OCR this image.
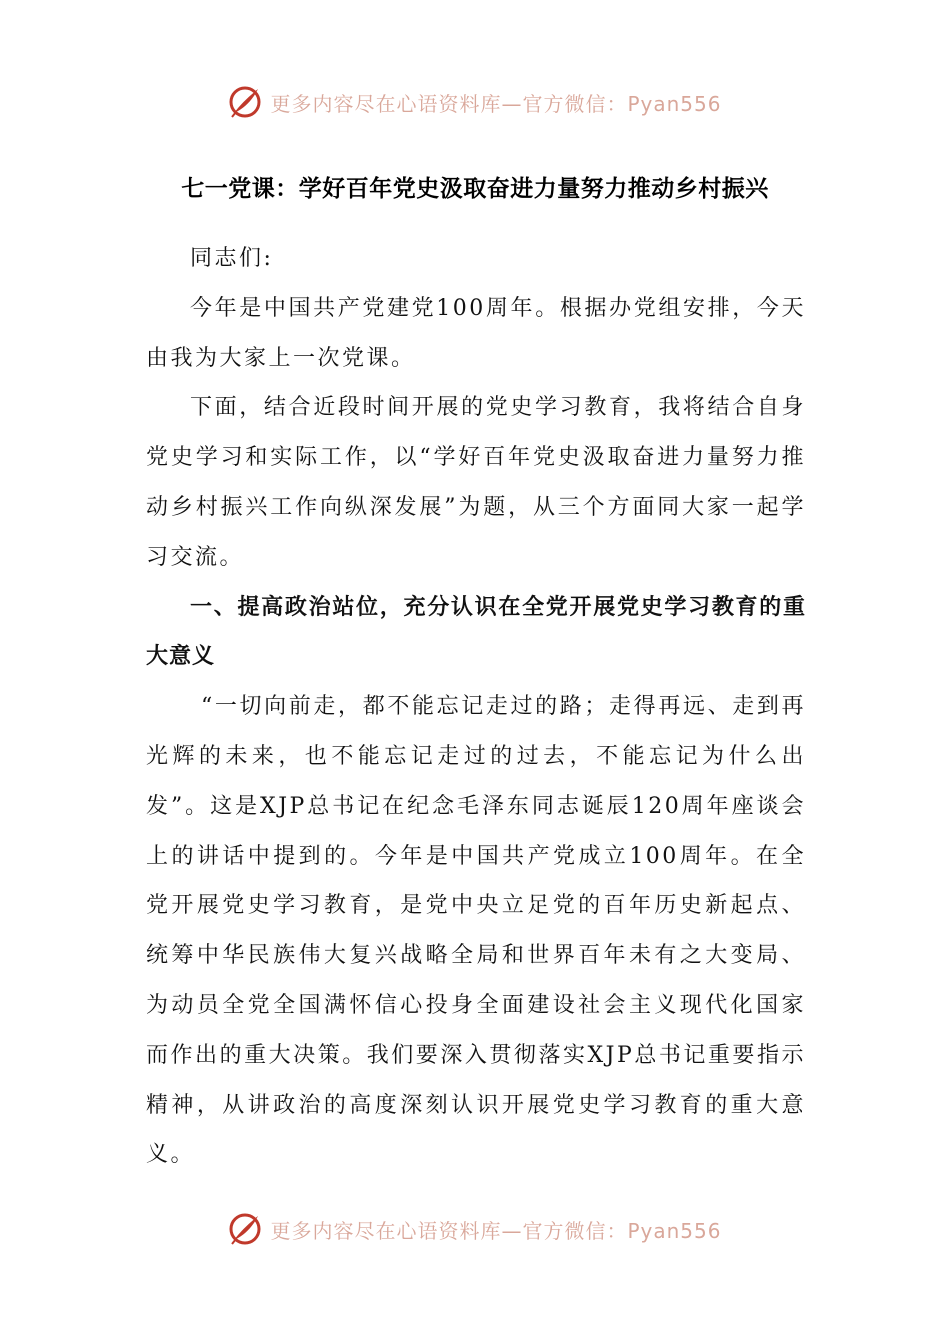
更多内容尽在心语资料库—官方微信：Pyan556
七一党课：学好百年党史汲取奋进力量努力推动乡村振兴

同志们:

今年是中国共产党建党100周年。根据办党组安排，今天由我为大家上一次党课。

下面，结合近段时间开展的党史学习教育，我将结合自身党史学习和实际工作，以“学好百年党史汲取奋进力量努力推动乡村振兴工作向纵深发展”为题，从三个方面同大家一起学习交流。

一、提高政治站位，充分认识在全党开展党史学习教育的重大意义

“一切向前走，都不能忘记走过的路；走得再远、走到再光辉的未来，也不能忘记走过的过去，不能忘记为什么出发”。这是XJP总书记在纪念毛泽东同志诞辰120周年座谈会上的讲话中提到的。今年是中国共产党成立100周年。在全党开展党史学习教育，是党中央立足党的百年历史新起点、统筹中华民族伟大复兴战略全局和世界百年未有之大变局、为动员全党全国满怀信心投身全面建设社会主义现代化国家而作出的重大决策。我们要深入贯彻落实XJP总书记重要指示精神，从讲政治的高度深刻认识开展党史学习教育的重大意义。

更多内容尽在心语资料库—官方微信：Pyan556
